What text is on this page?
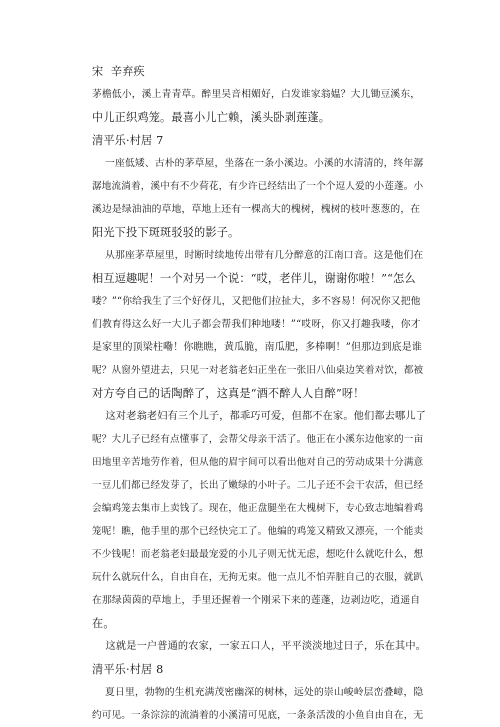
宋  辛弃疾
茅檐低小，溪上青青草。醉里吴音相媚好，白发谁家翁媪？大儿锄豆溪东，
中儿正织鸡笼。最喜小儿亡赖，溪头卧剥莲蓬。
清平乐·村居 7
一座低矮、古朴的茅草屋，坐落在一条小溪边。小溪的水清清的，终年潺
潺地流淌着，溪中有不少荷花，有少许已经结出了一个个逗人爱的小莲蓬。小
溪边是绿油油的草地，草地上还有一棵高大的槐树，槐树的枝叶葱葱的，在
阳光下投下斑斑驳驳的影子。
从那座茅草屋里，时断时续地传出带有几分醉意的江南口音。这是他们在
相互逗趣呢！一个对另一个说：“哎，老伴儿，谢谢你啦！”“怎么
喽？”“你给我生了三个好伢儿，又把他们拉扯大，多不容易！何况你又把他
们教育得这么好一大儿子都会帮我们种地喽！”“哎呀，你又打趣我喽，你才
是家里的顶梁柱嘞！你瞧瞧，黄瓜脆，南瓜肥，多棒啊！”但那边到底是谁
呢？从窗外望进去，只见一对老翁老妇正坐在一张旧八仙桌边笑着对饮，都被
对方夸自己的话陶醉了，这真是“酒不醉人人自醉”呀！
这对老翁老妇有三个儿子，都乖巧可爱，但都不在家。他们都去哪儿了
呢？大儿子已经有点懂事了，会帮父母亲干活了。他正在小溪东边他家的一亩
田地里辛苦地劳作着，但从他的眉宇间可以看出他对自己的劳动成果十分满意
一豆儿们都已经发芽了，长出了嫩绿的小叶子。二儿子还不会干农活，但已经
会编鸡笼去集市上卖钱了。现在，他正盘腿坐在大槐树下，专心致志地编着鸡
笼呢！瞧，他手里的那个已经快完工了。他编的鸡笼又精致又漂亮，一个能卖
不少钱呢！而老翁老妇最最宠爱的小儿子则无忧无虑，想吃什么就吃什么，想
玩什么就玩什么，自由自在，无拘无束。他一点儿不怕弄脏自己的衣服，就趴
在那绿茵茵的草地上，手里还握着一个刚采下来的莲蓬，边剥边吃，逍遥自
在。
这就是一户普通的农家，一家五口人，平平淡淡地过日子，乐在其中。
清平乐·村居 8
夏日里，勃物的生机充满茂密幽深的树林，远处的崇山峻岭层峦叠嶂，隐
约可见。一条淙淙的流淌着的小溪清可见底，一条条活泼的小鱼自由自在，无
